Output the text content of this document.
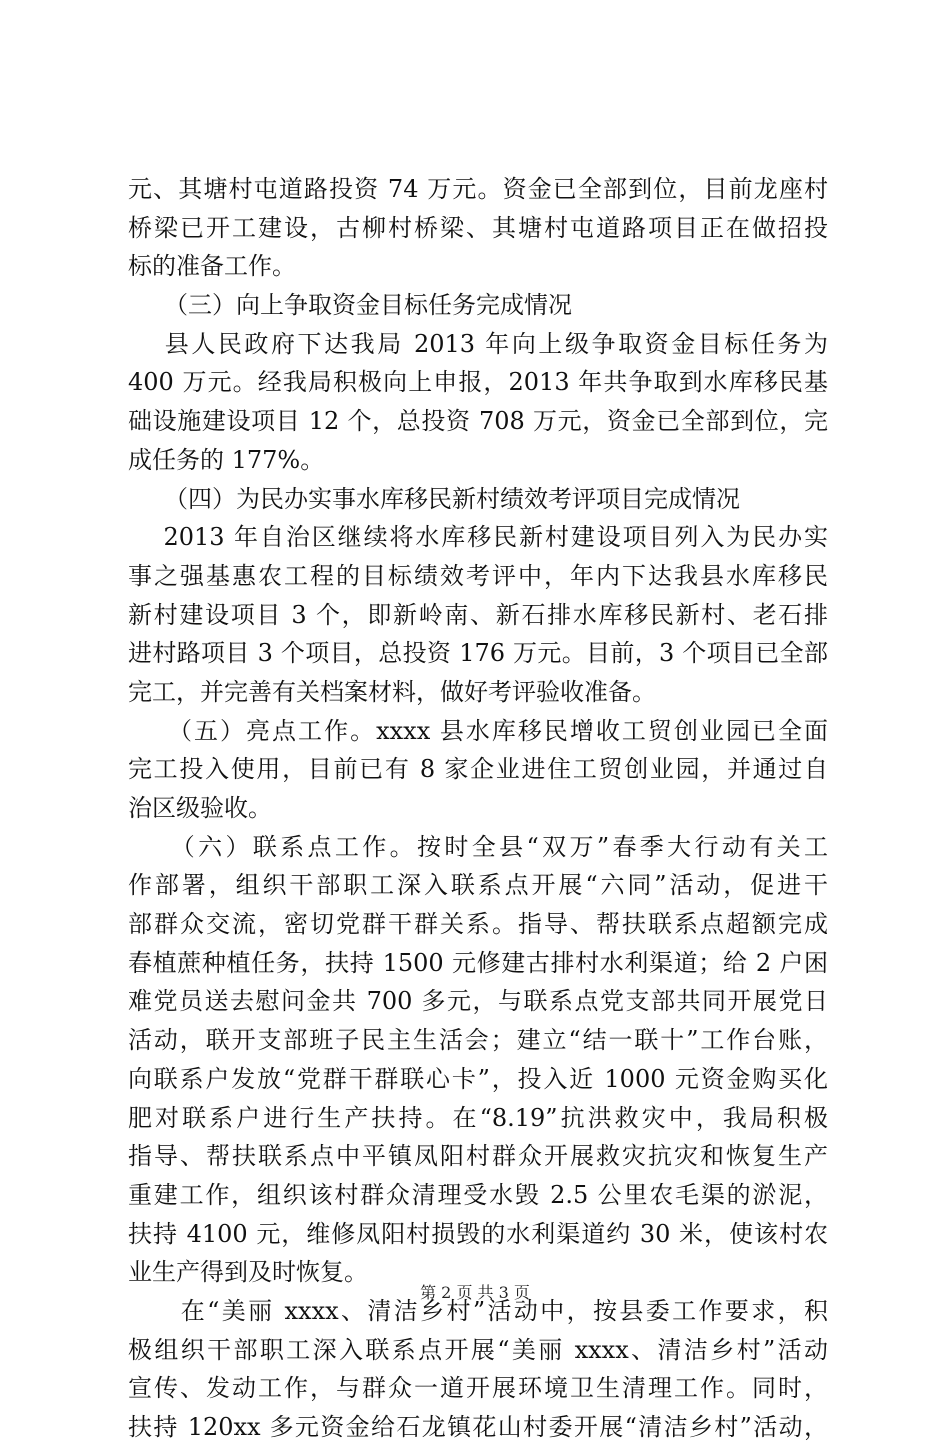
元、其塘村屯道路投资 74 万元。资金已全部到位，目前龙座村
桥梁已开工建设，古柳村桥梁、其塘村屯道路项目正在做招投
标的准备工作。
　　（三）向上争取资金目标任务完成情况
　 县人民政府下达我局 2013 年向上级争取资金目标任务为
400 万元。经我局积极向上申报，2013 年共争取到水库移民基
础设施建设项目 12 个，总投资 708 万元，资金已全部到位，完
成任务的 177%。
　　（四）为民办实事水库移民新村绩效考评项目完成情况
　 2013 年自治区继续将水库移民新村建设项目列入为民办实
事之强基惠农工程的目标绩效考评中，年内下达我县水库移民
新村建设项目 3 个，即新岭南、新石排水库移民新村、老石排
进村路项目 3 个项目，总投资 176 万元。目前，3 个项目已全部
完工，并完善有关档案材料，做好考评验收准备。
　　（五）亮点工作。xxxx 县水库移民增收工贸创业园已全面
完工投入使用，目前已有 8 家企业进住工贸创业园，并通过自
治区级验收。
　　（六）联系点工作。按时全县“双万”春季大行动有关工
作部署，组织干部职工深入联系点开展“六同”活动，促进干
部群众交流，密切党群干群关系。指导、帮扶联系点超额完成
春植蔗种植任务，扶持 1500 元修建古排村水利渠道；给 2 户困
难党员送去慰问金共 700 多元，与联系点党支部共同开展党日
活动，联开支部班子民主生活会；建立“结一联十”工作台账，
向联系户发放“党群干群联心卡”，投入近 1000 元资金购买化
肥对联系户进行生产扶持。在“8.19”抗洪救灾中，我局积极
指导、帮扶联系点中平镇凤阳村群众开展救灾抗灾和恢复生产
重建工作，组织该村群众清理受水毁 2.5 公里农毛渠的淤泥，
扶持 4100 元，维修凤阳村损毁的水利渠道约 30 米，使该村农
业生产得到及时恢复。
　　在“美丽 xxxx、清洁乡村”活动中，按县委工作要求，积
极组织干部职工深入联系点开展“美丽 xxxx、清洁乡村”活动
宣传、发动工作，与群众一道开展环境卫生清理工作。同时，
扶持 120xx 多元资金给石龙镇花山村委开展“清洁乡村”活动，
第 2 页 共 3 页
